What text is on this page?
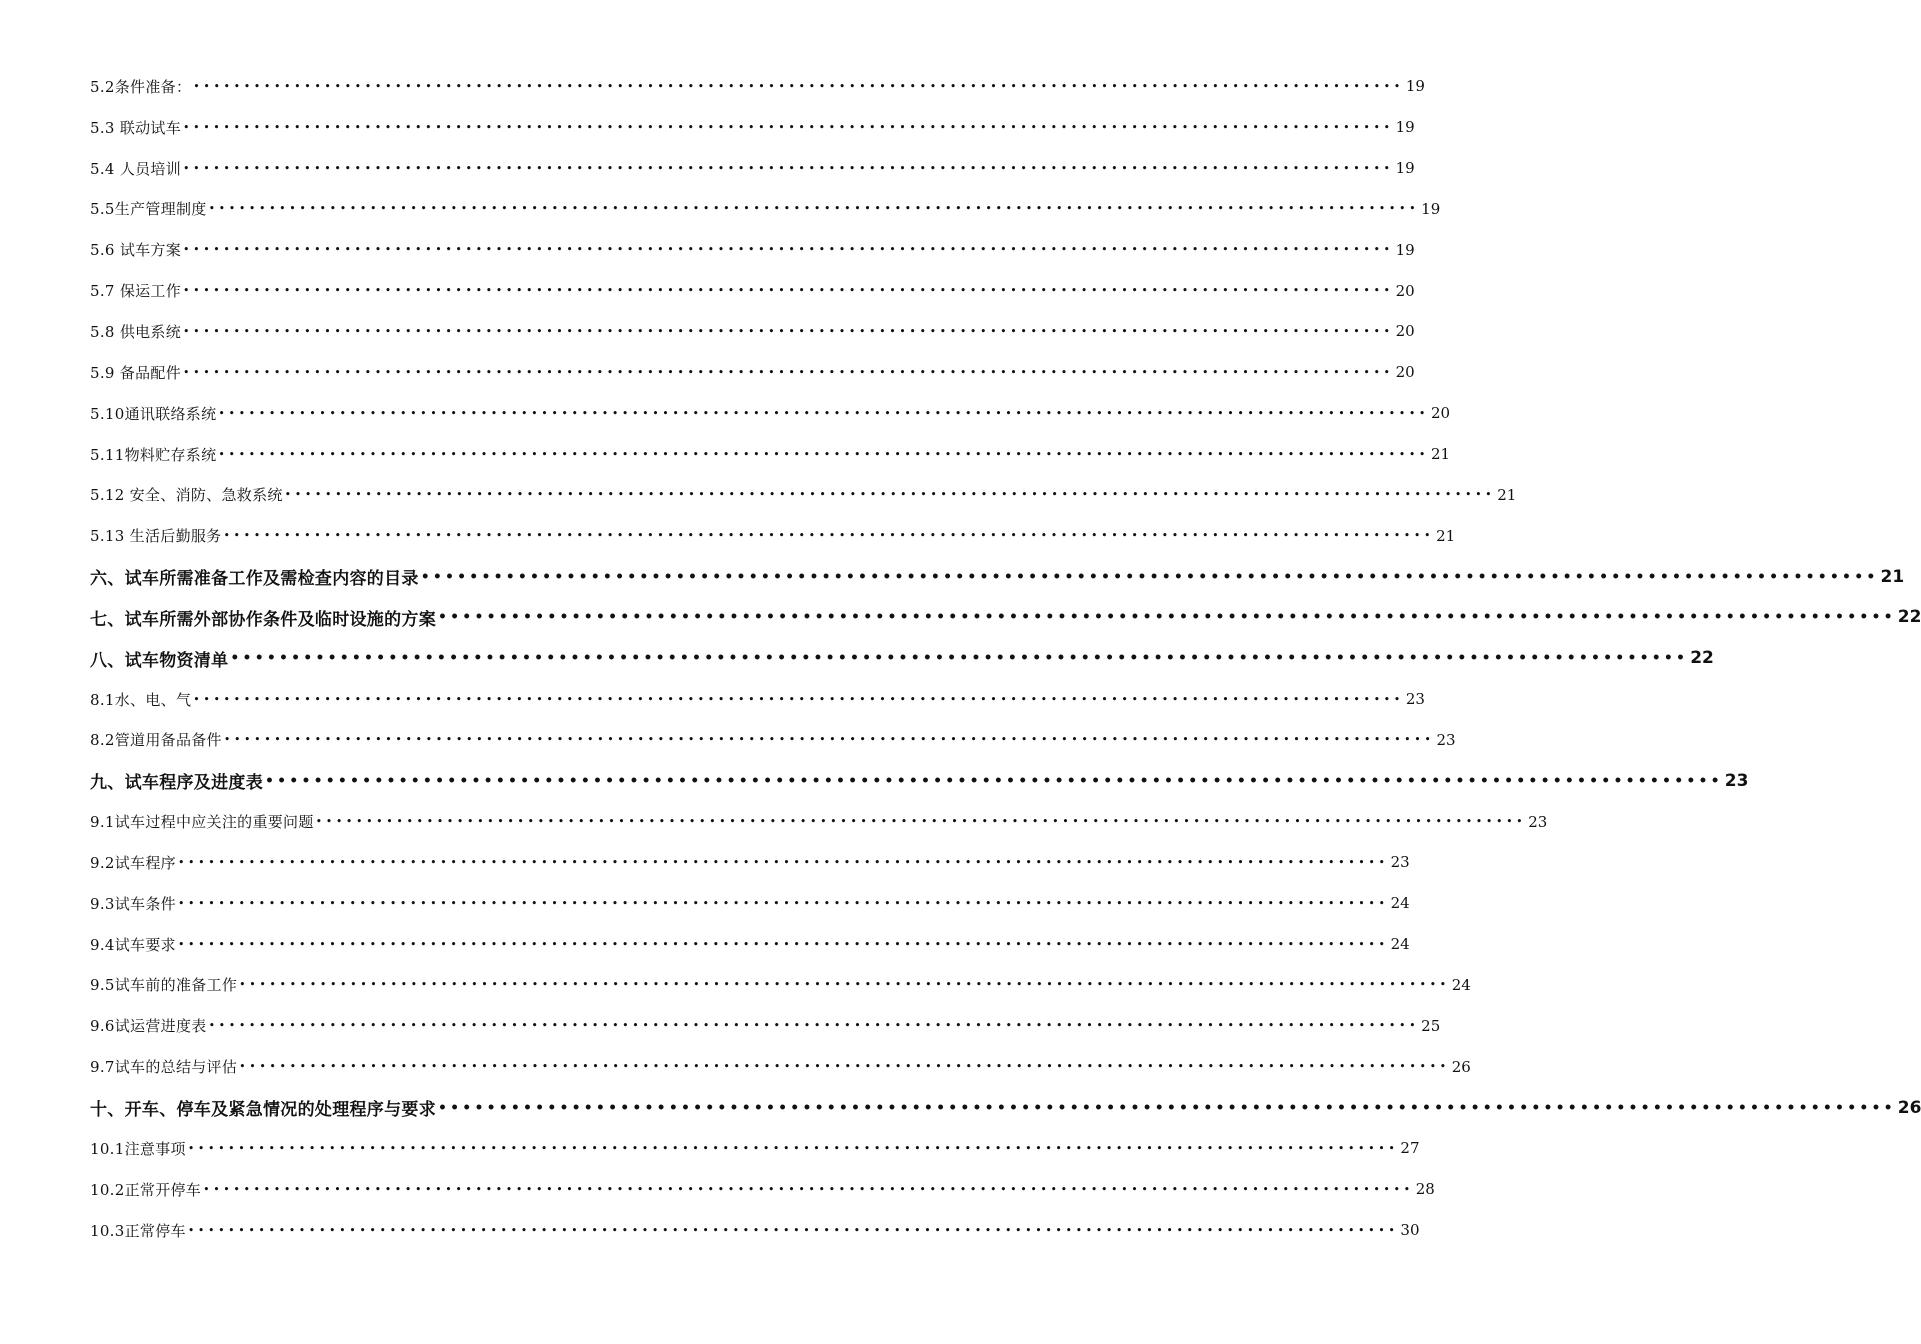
5.2条件准备： •••••••••••••••••••••••••••••••••••••••••••••••••••••••••••••••••••••••••••••••••••••••••••••••••••••••••••••••••••••••• 19
5.3 联动试车 •••••••••••••••••••••••••••••••••••••••••••••••••••••••••••••••••••••••••••••••••••••••••••••••••••••••••••••••••••••••• 19
5.4 人员培训 •••••••••••••••••••••••••••••••••••••••••••••••••••••••••••••••••••••••••••••••••••••••••••••••••••••••••••••••••••••••• 19
5.5生产管理制度 •••••••••••••••••••••••••••••••••••••••••••••••••••••••••••••••••••••••••••••••••••••••••••••••••••••••••••••••••••••••• 19
5.6 试车方案 •••••••••••••••••••••••••••••••••••••••••••••••••••••••••••••••••••••••••••••••••••••••••••••••••••••••••••••••••••••••• 19
5.7 保运工作 •••••••••••••••••••••••••••••••••••••••••••••••••••••••••••••••••••••••••••••••••••••••••••••••••••••••••••••••••••••••• 20
5.8 供电系统 •••••••••••••••••••••••••••••••••••••••••••••••••••••••••••••••••••••••••••••••••••••••••••••••••••••••••••••••••••••••• 20
5.9 备品配件 •••••••••••••••••••••••••••••••••••••••••••••••••••••••••••••••••••••••••••••••••••••••••••••••••••••••••••••••••••••••• 20
5.10通讯联络系统 •••••••••••••••••••••••••••••••••••••••••••••••••••••••••••••••••••••••••••••••••••••••••••••••••••••••••••••••••••••••• 20
5.11物料贮存系统 •••••••••••••••••••••••••••••••••••••••••••••••••••••••••••••••••••••••••••••••••••••••••••••••••••••••••••••••••••••••• 21
5.12 安全、消防、急救系统 •••••••••••••••••••••••••••••••••••••••••••••••••••••••••••••••••••••••••••••••••••••••••••••••••••••••••••••••••••••••• 21
5.13 生活后勤服务 •••••••••••••••••••••••••••••••••••••••••••••••••••••••••••••••••••••••••••••••••••••••••••••••••••••••••••••••••••••••• 21
六、试车所需准备工作及需检查内容的目录 •••••••••••••••••••••••••••••••••••••••••••••••••••••••••••••••••••••••••••••••••••••••••••••••••••••••••••••••••••••••• 21
七、试车所需外部协作条件及临时设施的方案 •••••••••••••••••••••••••••••••••••••••••••••••••••••••••••••••••••••••••••••••••••••••••••••••••••••••••••••••••••••••• 22
八、试车物资清单 •••••••••••••••••••••••••••••••••••••••••••••••••••••••••••••••••••••••••••••••••••••••••••••••••••••••••••••••••••••••• 22
8.1水、电、气 •••••••••••••••••••••••••••••••••••••••••••••••••••••••••••••••••••••••••••••••••••••••••••••••••••••••••••••••••••••••• 23
8.2管道用备品备件 •••••••••••••••••••••••••••••••••••••••••••••••••••••••••••••••••••••••••••••••••••••••••••••••••••••••••••••••••••••••• 23
九、试车程序及进度表 •••••••••••••••••••••••••••••••••••••••••••••••••••••••••••••••••••••••••••••••••••••••••••••••••••••••••••••••••••••••• 23
9.1试车过程中应关注的重要问题 •••••••••••••••••••••••••••••••••••••••••••••••••••••••••••••••••••••••••••••••••••••••••••••••••••••••••••••••••••••••• 23
9.2试车程序 •••••••••••••••••••••••••••••••••••••••••••••••••••••••••••••••••••••••••••••••••••••••••••••••••••••••••••••••••••••••• 23
9.3试车条件 •••••••••••••••••••••••••••••••••••••••••••••••••••••••••••••••••••••••••••••••••••••••••••••••••••••••••••••••••••••••• 24
9.4试车要求 •••••••••••••••••••••••••••••••••••••••••••••••••••••••••••••••••••••••••••••••••••••••••••••••••••••••••••••••••••••••• 24
9.5试车前的准备工作 •••••••••••••••••••••••••••••••••••••••••••••••••••••••••••••••••••••••••••••••••••••••••••••••••••••••••••••••••••••••• 24
9.6试运营进度表 •••••••••••••••••••••••••••••••••••••••••••••••••••••••••••••••••••••••••••••••••••••••••••••••••••••••••••••••••••••••• 25
9.7试车的总结与评估 •••••••••••••••••••••••••••••••••••••••••••••••••••••••••••••••••••••••••••••••••••••••••••••••••••••••••••••••••••••••• 26
十、开车、停车及紧急情况的处理程序与要求 •••••••••••••••••••••••••••••••••••••••••••••••••••••••••••••••••••••••••••••••••••••••••••••••••••••••••••••••••••••••• 26
10.1注意事项 •••••••••••••••••••••••••••••••••••••••••••••••••••••••••••••••••••••••••••••••••••••••••••••••••••••••••••••••••••••••• 27
10.2正常开停车 •••••••••••••••••••••••••••••••••••••••••••••••••••••••••••••••••••••••••••••••••••••••••••••••••••••••••••••••••••••••• 28
10.3正常停车 •••••••••••••••••••••••••••••••••••••••••••••••••••••••••••••••••••••••••••••••••••••••••••••••••••••••••••••••••••••••• 30
